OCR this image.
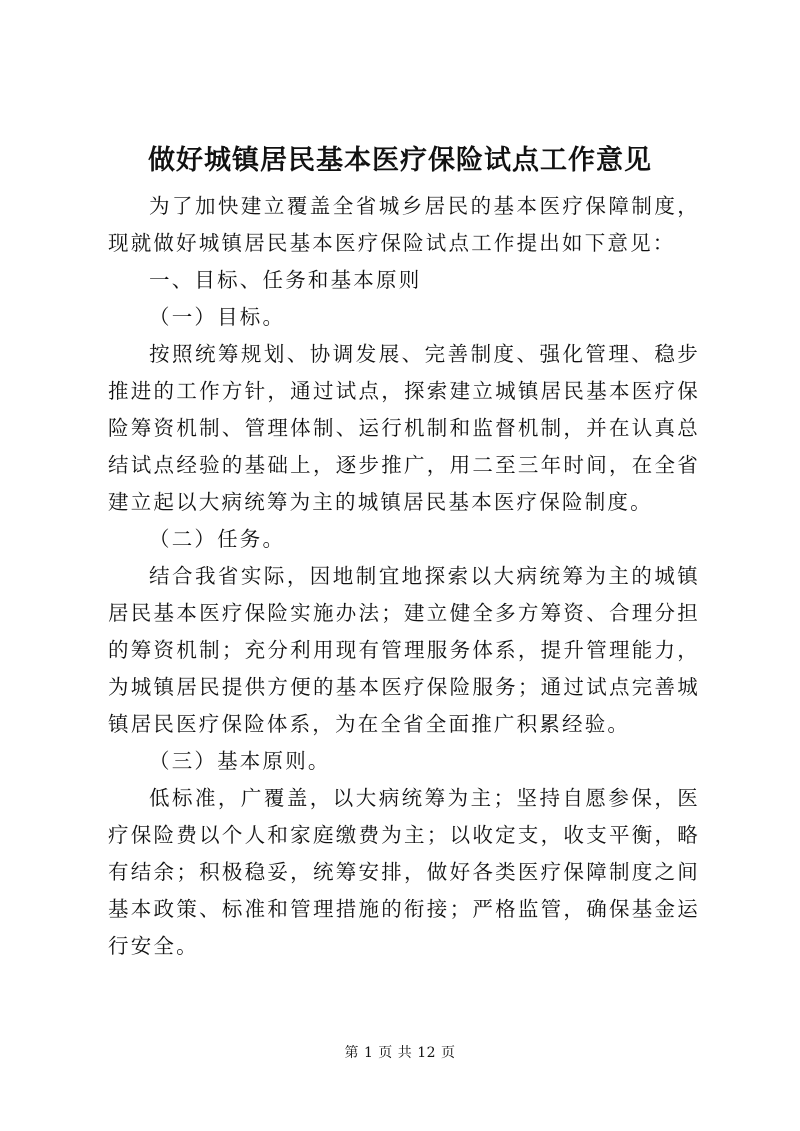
做好城镇居民基本医疗保险试点工作意见

为了加快建立覆盖全省城乡居民的基本医疗保障制度，现就做好城镇居民基本医疗保险试点工作提出如下意见：

一、目标、任务和基本原则

（一）目标。

按照统筹规划、协调发展、完善制度、强化管理、稳步推进的工作方针，通过试点，探索建立城镇居民基本医疗保险筹资机制、管理体制、运行机制和监督机制，并在认真总结试点经验的基础上，逐步推广，用二至三年时间，在全省建立起以大病统筹为主的城镇居民基本医疗保险制度。

（二）任务。

结合我省实际，因地制宜地探索以大病统筹为主的城镇居民基本医疗保险实施办法；建立健全多方筹资、合理分担的筹资机制；充分利用现有管理服务体系，提升管理能力，为城镇居民提供方便的基本医疗保险服务；通过试点完善城镇居民医疗保险体系，为在全省全面推广积累经验。

（三）基本原则。

低标准，广覆盖，以大病统筹为主；坚持自愿参保，医疗保险费以个人和家庭缴费为主；以收定支，收支平衡，略有结余；积极稳妥，统筹安排，做好各类医疗保障制度之间基本政策、标准和管理措施的衔接；严格监管，确保基金运行安全。

第 1 页 共 12 页
